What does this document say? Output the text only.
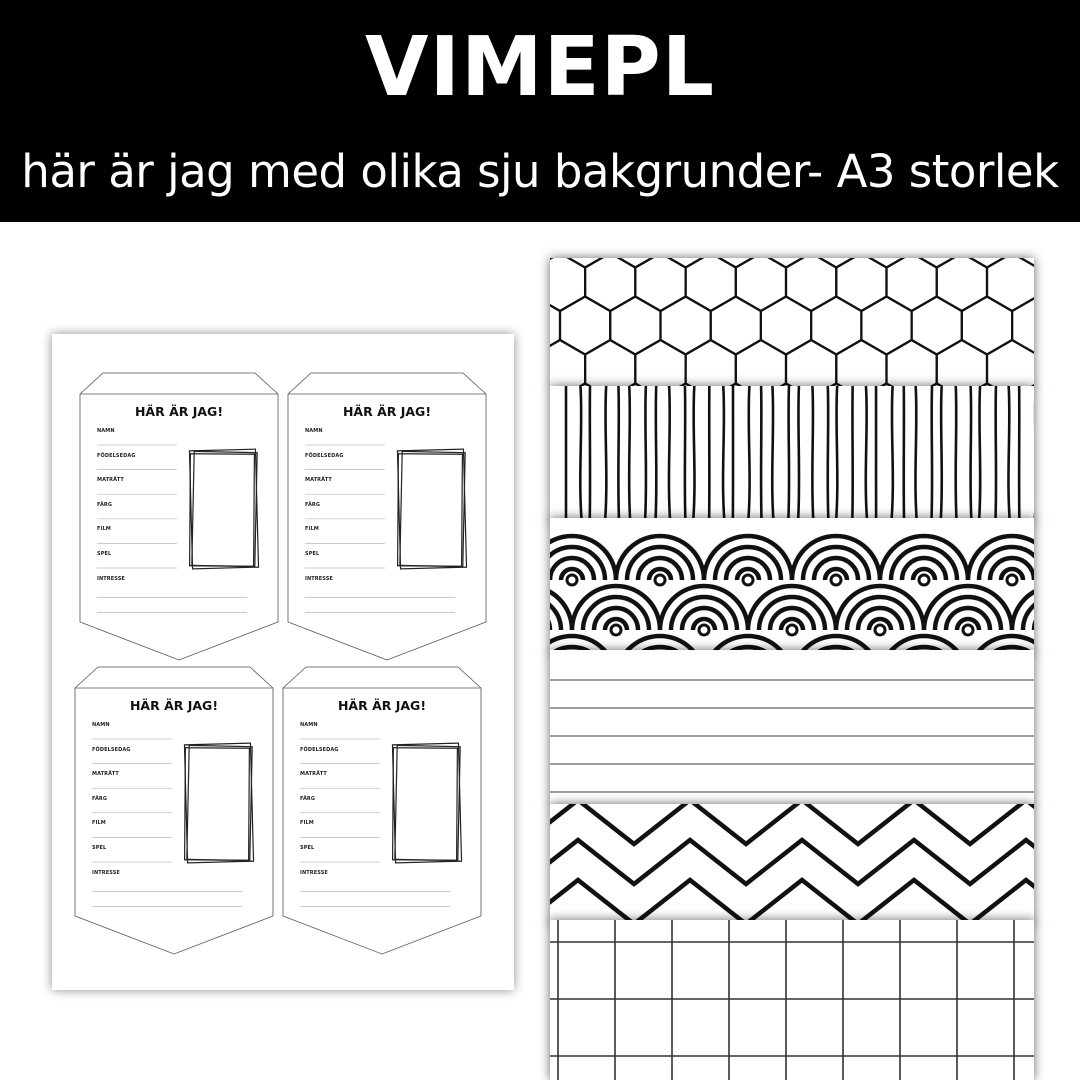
VIMEPL
här är jag med olika sju bakgrunder- A3 storlek
HÄR ÄR JAG!
NAMN
FÖDELSEDAG
MATRÄTT
FÄRG
FILM
SPEL
INTRESSE
HÄR ÄR JAG!
NAMN
FÖDELSEDAG
MATRÄTT
FÄRG
FILM
SPEL
INTRESSE
HÄR ÄR JAG!
NAMN
FÖDELSEDAG
MATRÄTT
FÄRG
FILM
SPEL
INTRESSE
HÄR ÄR JAG!
NAMN
FÖDELSEDAG
MATRÄTT
FÄRG
FILM
SPEL
INTRESSE
